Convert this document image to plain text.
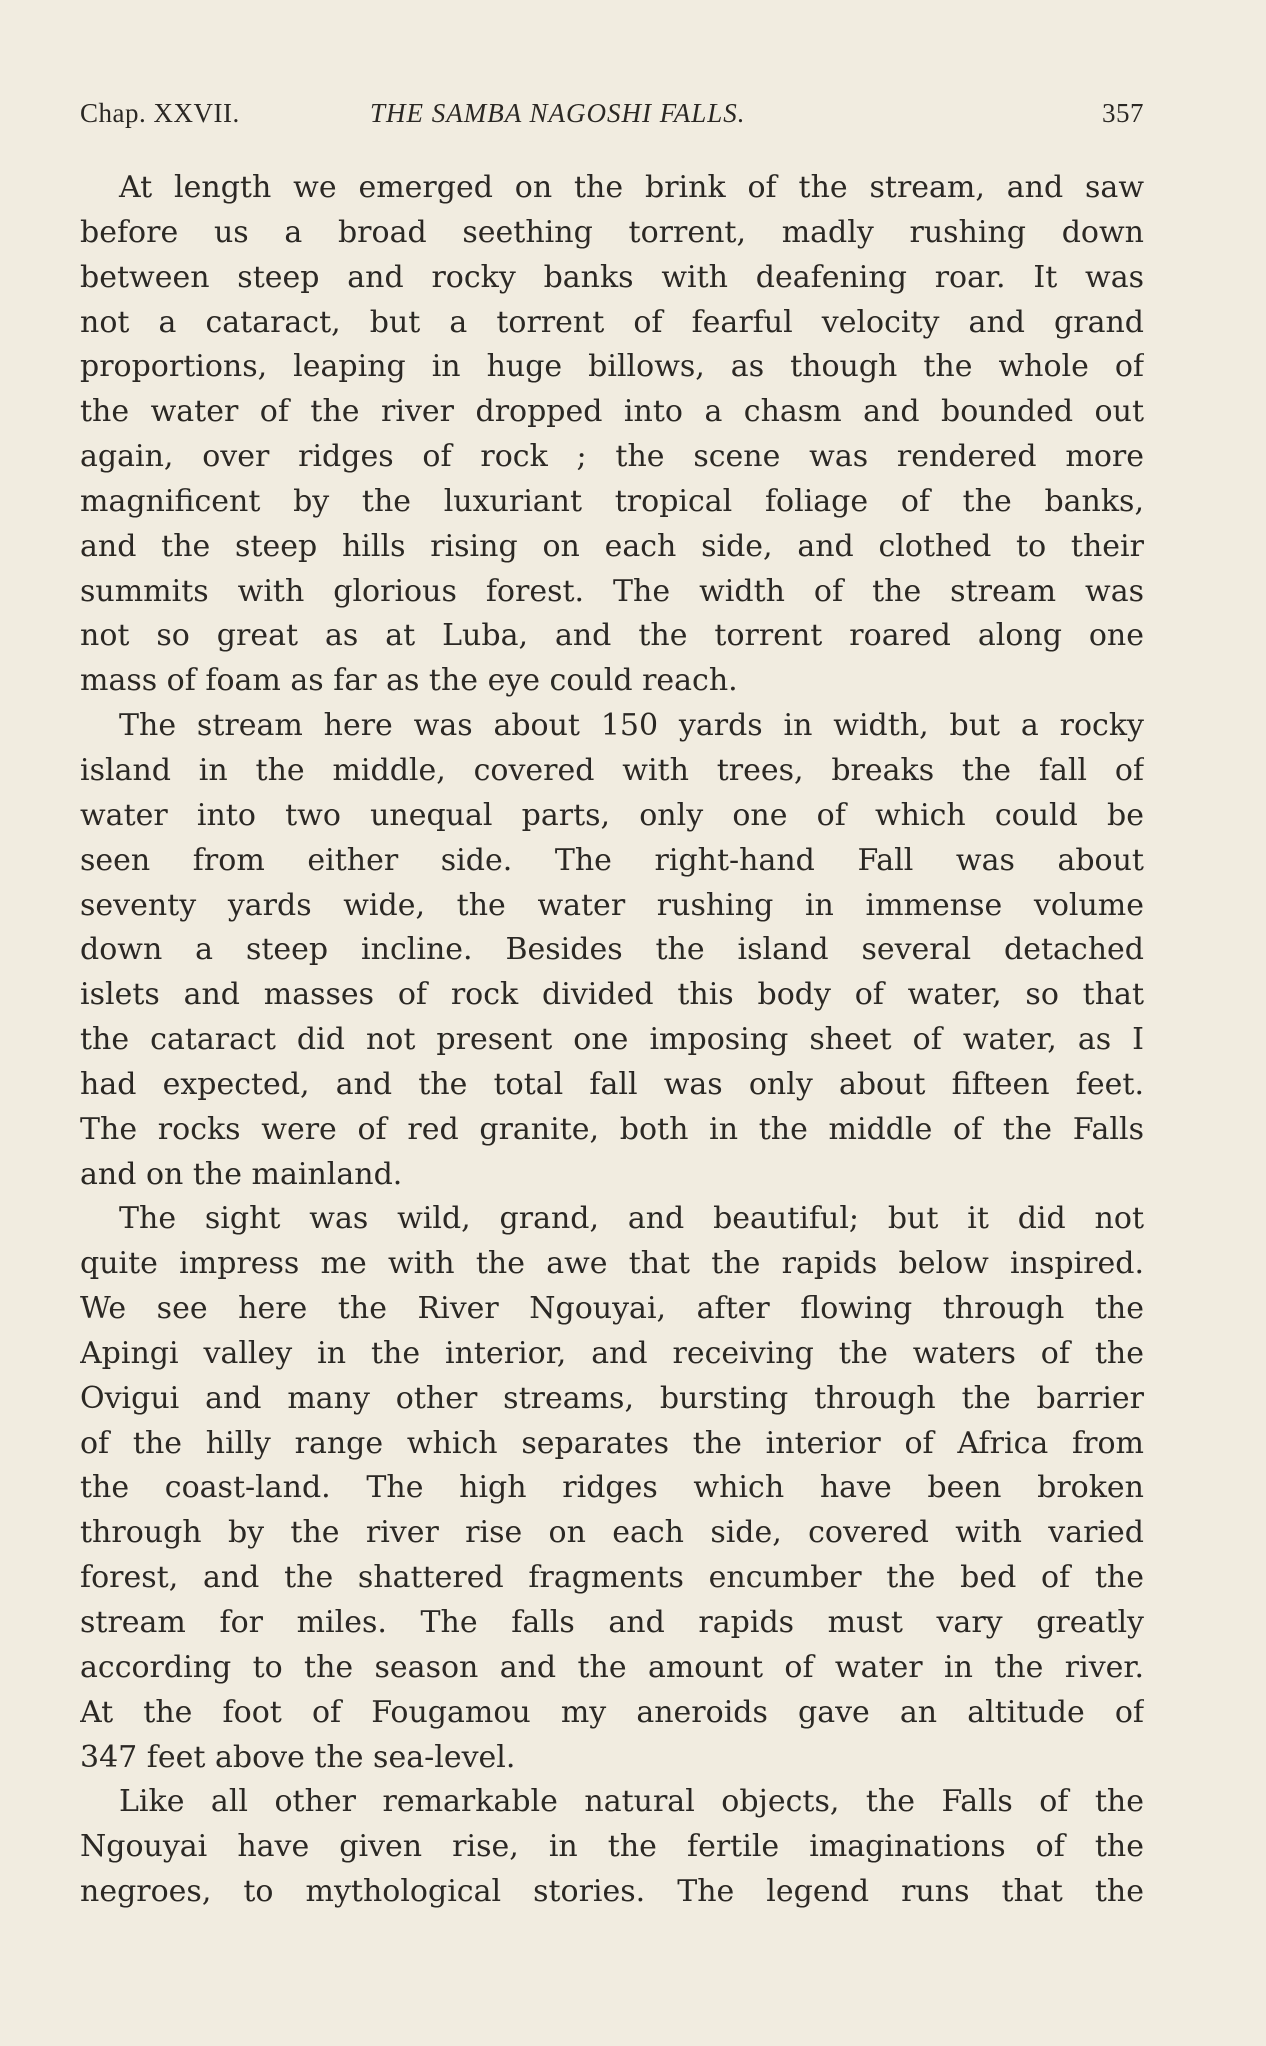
Chap. XXVII.	THE SAMBA NAGOSHI FALLS.	357
At length we emerged on the brink of the stream, and saw
before us a broad seething torrent, madly rushing down
between steep and rocky banks with deafening roar. It was
not a cataract, but a torrent of fearful velocity and grand
proportions, leaping in huge billows, as though the whole of
the water of the river dropped into a chasm and bounded out
again, over ridges of rock ; the scene was rendered more
magnificent by the luxuriant tropical foliage of the banks,
and the steep hills rising on each side, and clothed to their
summits with glorious forest. The width of the stream was
not so great as at Luba, and the torrent roared along one
mass of foam as far as the eye could reach.
The stream here was about 150 yards in width, but a rocky
island in the middle, covered with trees, breaks the fall of
water into two unequal parts, only one of which could be
seen from either side. The right-hand Fall was about
seventy yards wide, the water rushing in immense volume
down a steep incline. Besides the island several detached
islets and masses of rock divided this body of water, so that
the cataract did not present one imposing sheet of water, as I
had expected, and the total fall was only about fifteen feet.
The rocks were of red granite, both in the middle of the Falls
and on the mainland.
The sight was wild, grand, and beautiful; but it did not
quite impress me with the awe that the rapids below inspired.
We see here the River Ngouyai, after flowing through the
Apingi valley in the interior, and receiving the waters of the
Ovigui and many other streams, bursting through the barrier
of the hilly range which separates the interior of Africa from
the coast-land. The high ridges which have been broken
through by the river rise on each side, covered with varied
forest, and the shattered fragments encumber the bed of the
stream for miles. The falls and rapids must vary greatly
according to the season and the amount of water in the river.
At the foot of Fougamou my aneroids gave an altitude of
347 feet above the sea-level.
Like all other remarkable natural objects, the Falls of the
Ngouyai have given rise, in the fertile imaginations of the
negroes, to mythological stories. The legend runs that the
